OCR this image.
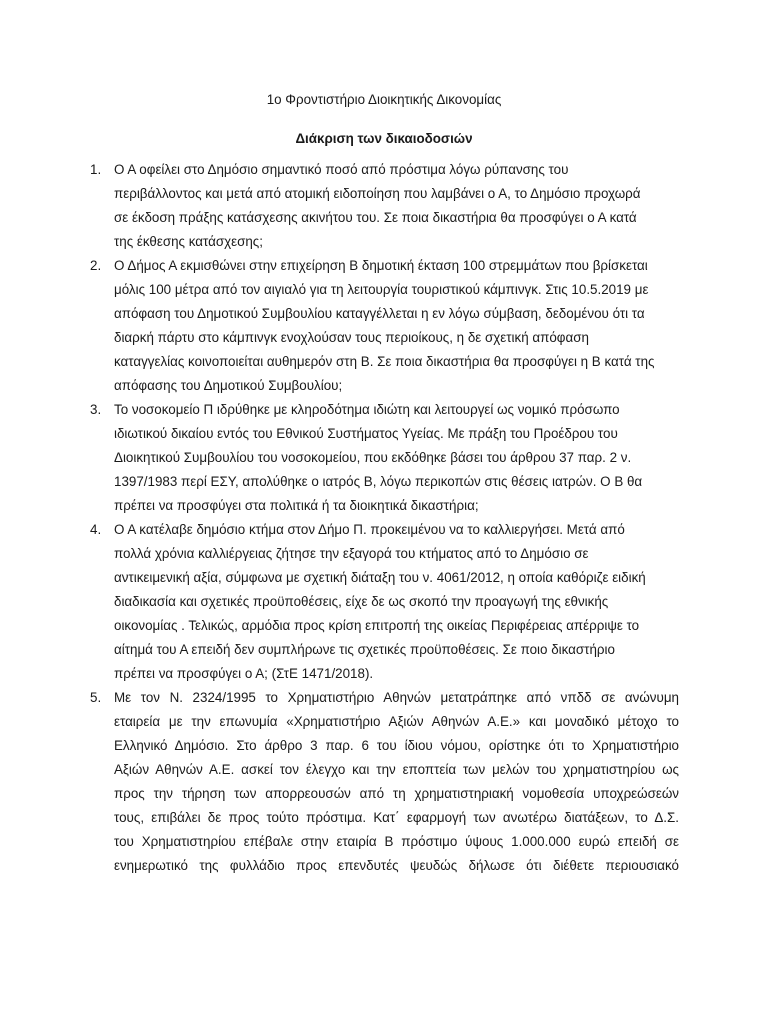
1ο Φροντιστήριο Διοικητικής Δικονομίας
Διάκριση των δικαιοδοσιών
1. Ο Α οφείλει στο Δημόσιο σημαντικό ποσό από πρόστιμα λόγω ρύπανσης του
περιβάλλοντος και μετά από ατομική ειδοποίηση που λαμβάνει ο Α, το Δημόσιο προχωρά
σε έκδοση πράξης κατάσχεσης ακινήτου του. Σε ποια δικαστήρια θα προσφύγει ο Α κατά
της έκθεσης κατάσχεσης;
2. Ο Δήμος Α εκμισθώνει στην επιχείρηση Β δημοτική έκταση 100 στρεμμάτων που βρίσκεται
μόλις 100 μέτρα από τον αιγιαλό για τη λειτουργία τουριστικού κάμπινγκ. Στις 10.5.2019 με
απόφαση του Δημοτικού Συμβουλίου καταγγέλλεται η εν λόγω σύμβαση, δεδομένου ότι τα
διαρκή πάρτυ στο κάμπινγκ ενοχλούσαν τους περιοίκους, η δε σχετική απόφαση
καταγγελίας κοινοποιείται αυθημερόν στη Β. Σε ποια δικαστήρια θα προσφύγει η Β κατά της
απόφασης του Δημοτικού Συμβουλίου;
3. Το νοσοκομείο Π ιδρύθηκε με κληροδότημα ιδιώτη και λειτουργεί ως νομικό πρόσωπο
ιδιωτικού δικαίου εντός του Εθνικού Συστήματος Υγείας. Με πράξη του Προέδρου του
Διοικητικού Συμβουλίου του νοσοκομείου, που εκδόθηκε βάσει του άρθρου 37 παρ. 2 ν.
1397/1983 περί ΕΣΥ, απολύθηκε ο ιατρός Β, λόγω περικοπών στις θέσεις ιατρών. Ο Β θα
πρέπει να προσφύγει στα πολιτικά ή τα διοικητικά δικαστήρια;
4. Ο Α κατέλαβε δημόσιο κτήμα στον Δήμο Π. προκειμένου να το καλλιεργήσει. Μετά από
πολλά χρόνια καλλιέργειας ζήτησε την εξαγορά του κτήματος από το Δημόσιο σε
αντικειμενική αξία, σύμφωνα με σχετική διάταξη του ν. 4061/2012, η οποία καθόριζε ειδική
διαδικασία και σχετικές προϋποθέσεις, είχε δε ως σκοπό την προαγωγή της εθνικής
οικονομίας . Τελικώς, αρμόδια προς κρίση επιτροπή της οικείας Περιφέρειας απέρριψε το
αίτημά του Α επειδή δεν συμπλήρωνε τις σχετικές προϋποθέσεις. Σε ποιο δικαστήριο
πρέπει να προσφύγει ο Α; (ΣτΕ 1471/2018).
5. Με τον Ν. 2324/1995 το Χρηματιστήριο Αθηνών μετατράπηκε από νπδδ σε ανώνυμη
εταιρεία με την επωνυμία «Χρηματιστήριο Αξιών Αθηνών Α.Ε.» και μοναδικό μέτοχο το
Ελληνικό Δημόσιο. Στο άρθρο 3 παρ. 6 του ίδιου νόμου, ορίστηκε ότι το Χρηματιστήριο
Αξιών Αθηνών Α.Ε. ασκεί τον έλεγχο και την εποπτεία των μελών του χρηματιστηρίου ως
προς την τήρηση των απορρεουσών από τη χρηματιστηριακή νομοθεσία υποχρεώσεών
τους, επιβάλει δε προς τούτο πρόστιμα. Κατ΄ εφαρμογή των ανωτέρω διατάξεων, το Δ.Σ.
του Χρηματιστηρίου επέβαλε στην εταιρία Β πρόστιμο ύψους 1.000.000 ευρώ επειδή σε
ενημερωτικό της φυλλάδιο προς επενδυτές ψευδώς δήλωσε ότι διέθετε περιουσιακό
